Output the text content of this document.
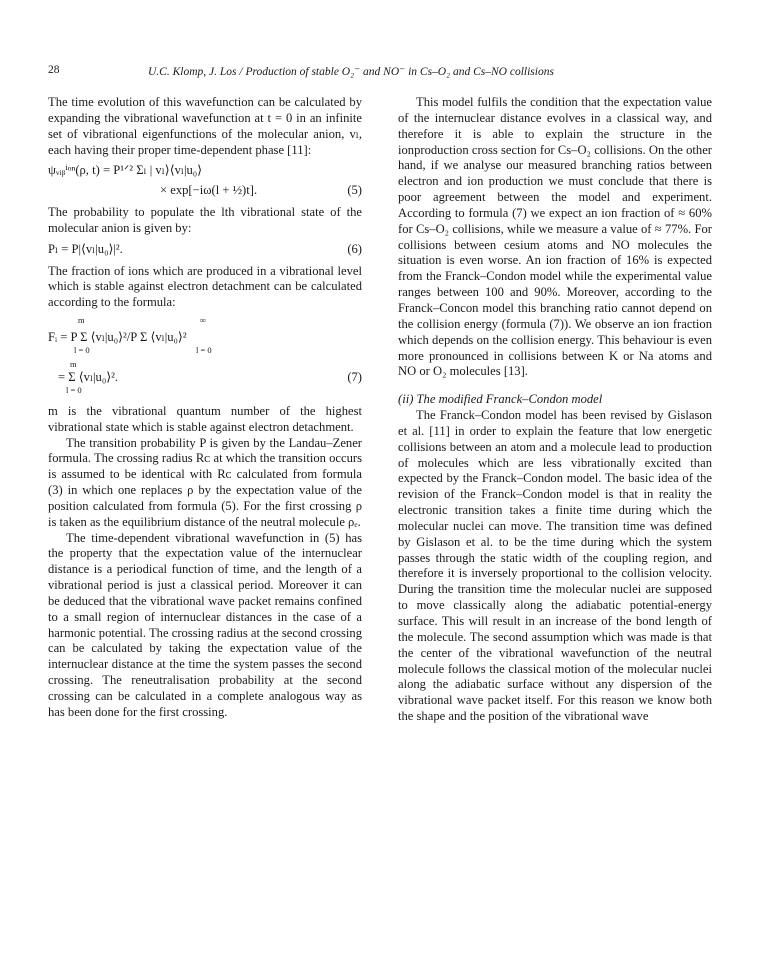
28	U.C. Klomp, J. Los / Production of stable O₂⁻ and NO⁻ in Cs–O₂ and Cs–NO collisions

The time evolution of this wavefunction can be calculated by expanding the vibrational wavefunction at t = 0 in an infinite set of vibrational eigenfunctions of the molecular anion, vₗ, each having their proper time-dependent phase [11]:

ψᵥᵢᵦⁱᵒⁿ(ρ, t) = P¹ᐟ² Σₗ | vₗ⟩⟨vₗ|u₀⟩
× exp[−iω(l + ½)t].	(5)

The probability to populate the lth vibrational state of the molecular anion is given by:

Pₗ = P|⟨vₗ|u₀⟩|².	(6)

The fraction of ions which are produced in a vibrational level which is stable against electron detachment can be calculated according to the formula:

m	∞
Fᵢ = P Σ ⟨vₗ|u₀⟩²/P Σ ⟨vₗ|u₀⟩²
l = 0	l = 0
m
= Σ ⟨vₗ|u₀⟩².	(7)
l = 0

m is the vibrational quantum number of the highest vibrational state which is stable against electron detachment.

The transition probability P is given by the Landau–Zener formula. The crossing radius Rᴄ at which the transition occurs is assumed to be identical with Rᴄ calculated from formula (3) in which one replaces ρ by the expectation value of the position calculated from formula (5). For the first crossing ρ is taken as the equilibrium distance of the neutral molecule ρₑ.

The time-dependent vibrational wavefunction in (5) has the property that the expectation value of the internuclear distance is a periodical function of time, and the length of a vibrational period is just a classical period. Moreover it can be deduced that the vibrational wave packet remains confined to a small region of internuclear distances in the case of a harmonic potential. The crossing radius at the second crossing can be calculated by taking the expectation value of the internuclear distance at the time the system passes the second crossing. The reneutralisation probability at the second crossing can be calculated in a complete analogous way as has been done for the first crossing.

This model fulfils the condition that the expectation value of the internuclear distance evolves in a classical way, and therefore it is able to explain the structure in the ionproduction cross section for Cs–O₂ collisions. On the other hand, if we analyse our measured branching ratios between electron and ion production we must conclude that there is poor agreement between the model and experiment. According to formula (7) we expect an ion fraction of ≈ 60% for Cs–O₂ collisions, while we measure a value of ≈ 77%. For collisions between cesium atoms and NO molecules the situation is even worse. An ion fraction of 16% is expected from the Franck–Condon model while the experimental value ranges between 100 and 90%. Moreover, according to the Franck–Concon model this branching ratio cannot depend on the collision energy (formula (7)). We observe an ion fraction which depends on the collision energy. This behaviour is even more pronounced in collisions between K or Na atoms and NO or O₂ molecules [13].

(ii) The modified Franck–Condon model

The Franck–Condon model has been revised by Gislason et al. [11] in order to explain the feature that low energetic collisions between an atom and a molecule lead to production of molecules which are less vibrationally excited than expected by the Franck–Condon model. The basic idea of the revision of the Franck–Condon model is that in reality the electronic transition takes a finite time during which the molecular nuclei can move. The transition time was defined by Gislason et al. to be the time during which the system passes through the static width of the coupling region, and therefore it is inversely proportional to the collision velocity. During the transition time the molecular nuclei are supposed to move classically along the adiabatic potential-energy surface. This will result in an increase of the bond length of the molecule. The second assumption which was made is that the center of the vibrational wavefunction of the neutral molecule follows the classical motion of the molecular nuclei along the adiabatic surface without any dispersion of the vibrational wave packet itself. For this reason we know both the shape and the position of the vibrational wave
